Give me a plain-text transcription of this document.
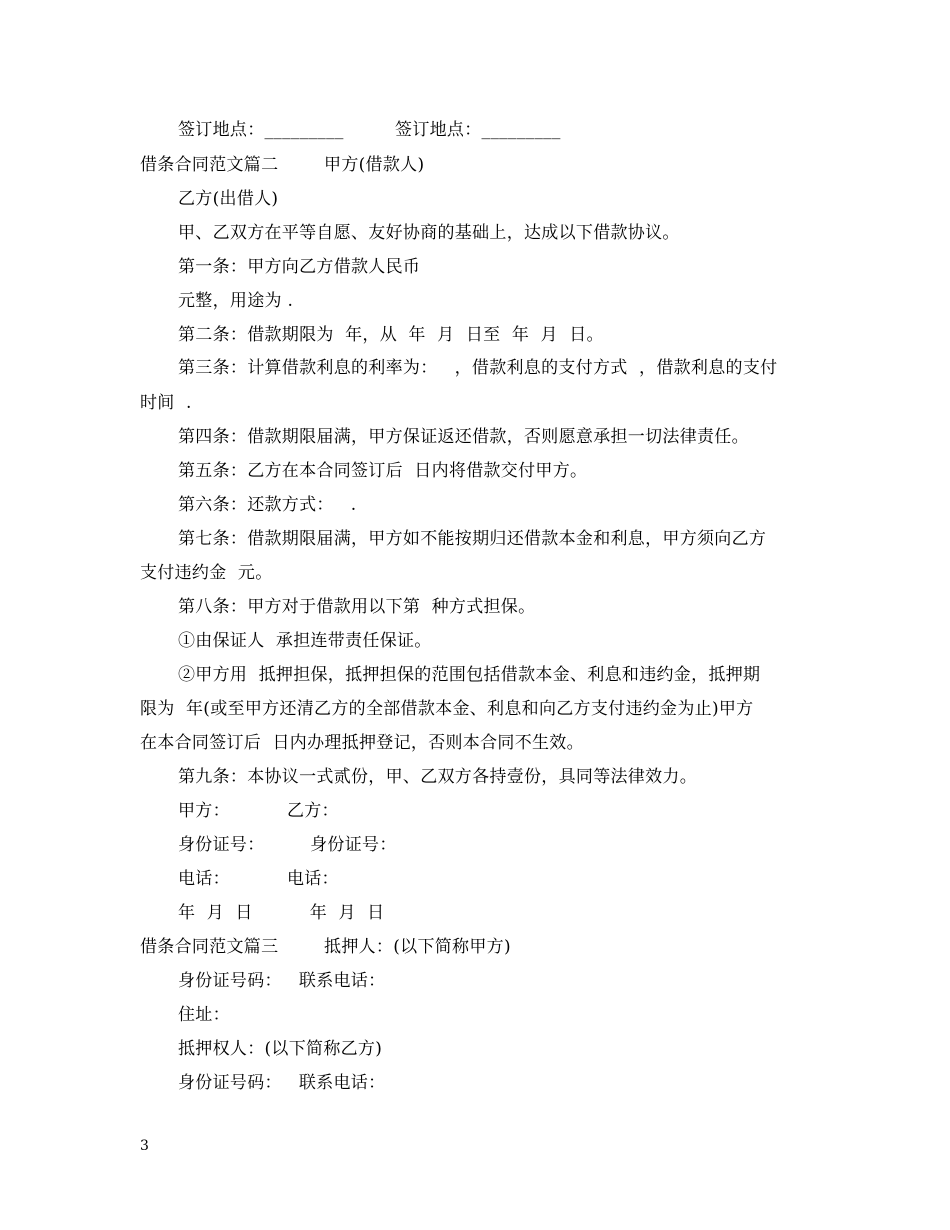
签订地点：_________         签订地点：_________
借条合同范文篇二        甲方(借款人)
乙方(出借人)
甲、乙双方在平等自愿、友好协商的基础上，达成以下借款协议。
第一条：甲方向乙方借款人民币
元整，用途为 .
第二条：借款期限为  年，从  年  月  日至  年  月  日。
第三条：计算借款利息的利率为：   ，借款利息的支付方式  ，借款利息的支付
时间  .
第四条：借款期限届满，甲方保证返还借款，否则愿意承担一切法律责任。
第五条：乙方在本合同签订后  日内将借款交付甲方。
第六条：还款方式：   .
第七条：借款期限届满，甲方如不能按期归还借款本金和利息，甲方须向乙方
支付违约金  元。
第八条：甲方对于借款用以下第  种方式担保。
①由保证人  承担连带责任保证。
②甲方用  抵押担保，抵押担保的范围包括借款本金、利息和违约金，抵押期
限为  年(或至甲方还清乙方的全部借款本金、利息和向乙方支付违约金为止)甲方
在本合同签订后  日内办理抵押登记，否则本合同不生效。
第九条：本协议一式贰份，甲、乙双方各持壹份，具同等法律效力。
甲方：          乙方：
身份证号：        身份证号：
电话：          电话：
年  月  日          年  月  日
借条合同范文篇三        抵押人：(以下简称甲方)
身份证号码：   联系电话：
住址：
抵押权人：(以下简称乙方)
身份证号码：   联系电话：
3
